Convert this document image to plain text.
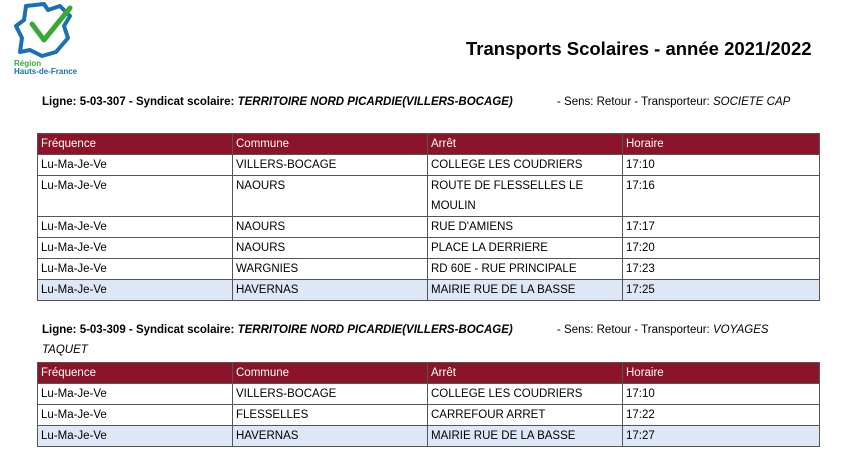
Région
Hauts-de-France
Transports Scolaires - année 2021/2022
Ligne: 5-03-307 - Syndicat scolaire: TERRITOIRE NORD PICARDIE(VILLERS-BOCAGE)	- Sens: Retour - Transporteur: SOCIETE CAP
Fréquence	Commune	Arrêt	Horaire
Lu-Ma-Je-Ve	VILLERS-BOCAGE	COLLEGE LES COUDRIERS	17:10
Lu-Ma-Je-Ve	NAOURS	ROUTE DE FLESSELLES LE MOULIN	17:16
Lu-Ma-Je-Ve	NAOURS	RUE D'AMIENS	17:17
Lu-Ma-Je-Ve	NAOURS	PLACE LA DERRIERE	17:20
Lu-Ma-Je-Ve	WARGNIES	RD 60E - RUE PRINCIPALE	17:23
Lu-Ma-Je-Ve	HAVERNAS	MAIRIE RUE DE LA BASSE	17:25
Ligne: 5-03-309 - Syndicat scolaire: TERRITOIRE NORD PICARDIE(VILLERS-BOCAGE)	- Sens: Retour - Transporteur: VOYAGES
TAQUET
Fréquence	Commune	Arrêt	Horaire
Lu-Ma-Je-Ve	VILLERS-BOCAGE	COLLEGE LES COUDRIERS	17:10
Lu-Ma-Je-Ve	FLESSELLES	CARREFOUR ARRET	17:22
Lu-Ma-Je-Ve	HAVERNAS	MAIRIE RUE DE LA BASSE	17:27
